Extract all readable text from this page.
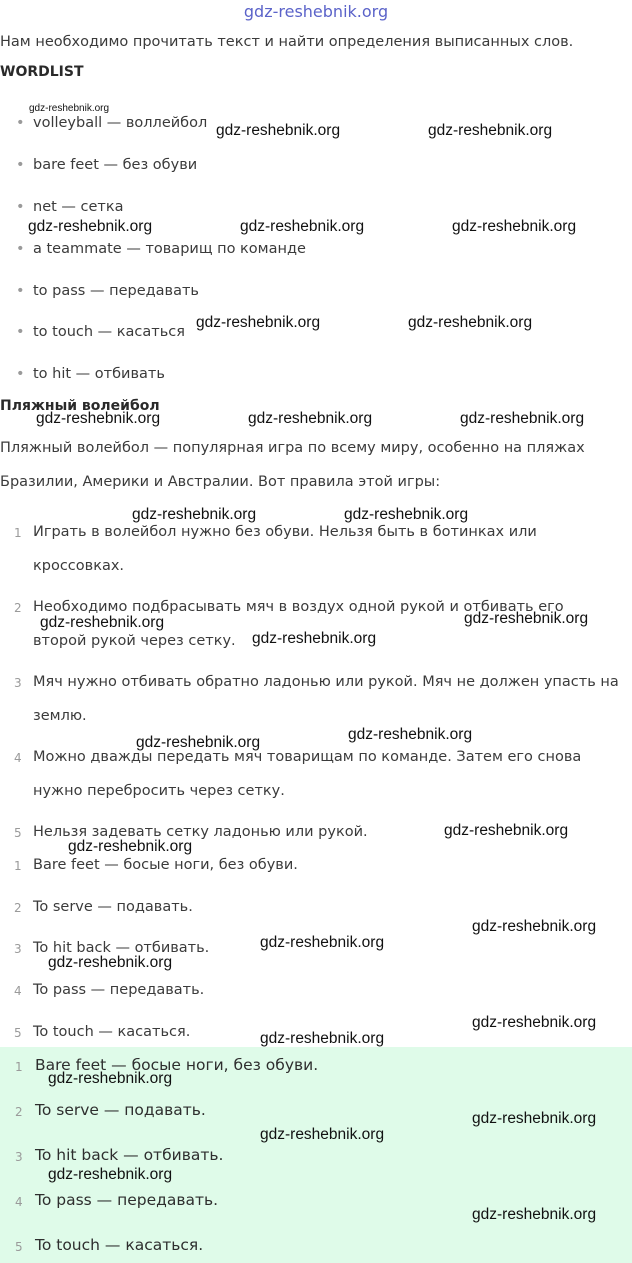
gdz-reshebnik.org
Нам необходимо прочитать текст и найти определения выписанных слов.
WORDLIST
• volleyball — воллейбол
• bare feet — без обуви
• net — сетка
• a teammate — товарищ по команде
• to pass — передавать
• to touch — касаться
• to hit — отбивать
Пляжный волейбол
Пляжный волейбол — популярная игра по всему миру, особенно на пляжах
Бразилии, Америки и Австралии. Вот правила этой игры:
1 Играть в волейбол нужно без обуви. Нельзя быть в ботинках или
кроссовках.
2 Необходимо подбрасывать мяч в воздух одной рукой и отбивать его
второй рукой через сетку.
3 Мяч нужно отбивать обратно ладонью или рукой. Мяч не должен упасть на
землю.
4 Можно дважды передать мяч товарищам по команде. Затем его снова
нужно перебросить через сетку.
5 Нельзя задевать сетку ладонью или рукой.
1 Bare feet — босые ноги, без обуви.
2 To serve — подавать.
3 To hit back — отбивать.
4 To pass — передавать.
5 To touch — касаться.
1 Bare feet — босые ноги, без обуви.
2 To serve — подавать.
3 To hit back — отбивать.
4 To pass — передавать.
5 To touch — касаться.
gdz-reshebnik.org
gdz-reshebnik.org	gdz-reshebnik.org
gdz-reshebnik.org	gdz-reshebnik.org	gdz-reshebnik.org
gdz-reshebnik.org	gdz-reshebnik.org
gdz-reshebnik.org	gdz-reshebnik.org	gdz-reshebnik.org
gdz-reshebnik.org	gdz-reshebnik.org
gdz-reshebnik.org
gdz-reshebnik.org
gdz-reshebnik.org
gdz-reshebnik.org	gdz-reshebnik.org
gdz-reshebnik.org
gdz-reshebnik.org
gdz-reshebnik.org
gdz-reshebnik.org
gdz-reshebnik.org
gdz-reshebnik.org
gdz-reshebnik.org
gdz-reshebnik.org
gdz-reshebnik.org
gdz-reshebnik.org
gdz-reshebnik.org
gdz-reshebnik.org
